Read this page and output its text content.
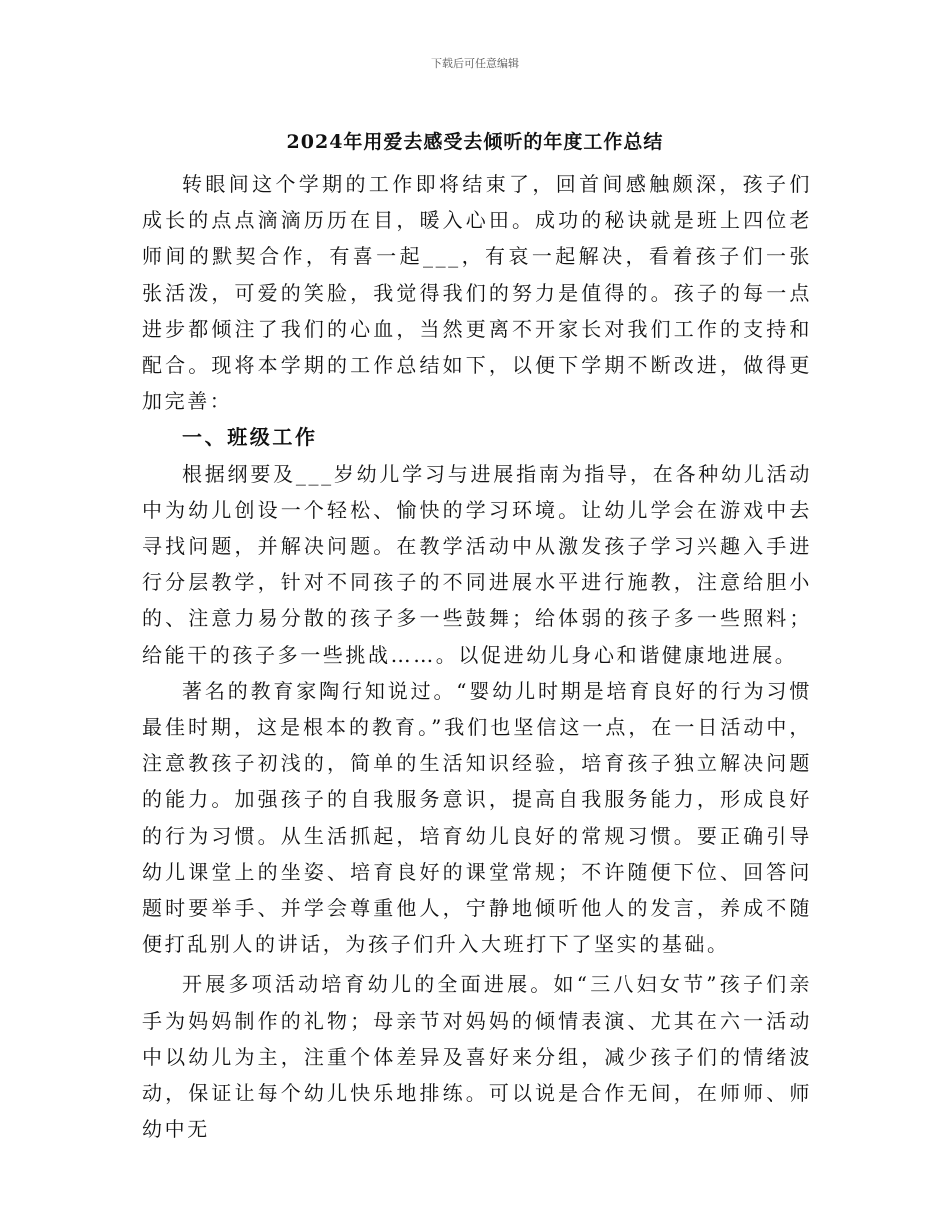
下载后可任意编辑
2024年用爱去感受去倾听的年度工作总结

转眼间这个学期的工作即将结束了，回首间感触颇深，孩子们成长的点点滴滴历历在目，暖入心田。成功的秘诀就是班上四位老师间的默契合作，有喜一起___，有哀一起解决，看着孩子们一张张活泼，可爱的笑脸，我觉得我们的努力是值得的。孩子的每一点进步都倾注了我们的心血，当然更离不开家长对我们工作的支持和配合。现将本学期的工作总结如下，以便下学期不断改进，做得更加完善：

一、班级工作

根据纲要及___岁幼儿学习与进展指南为指导，在各种幼儿活动中为幼儿创设一个轻松、愉快的学习环境。让幼儿学会在游戏中去寻找问题，并解决问题。在教学活动中从激发孩子学习兴趣入手进行分层教学，针对不同孩子的不同进展水平进行施教，注意给胆小的、注意力易分散的孩子多一些鼓舞；给体弱的孩子多一些照料；给能干的孩子多一些挑战……。以促进幼儿身心和谐健康地进展。

著名的教育家陶行知说过。“婴幼儿时期是培育良好的行为习惯最佳时期，这是根本的教育。”我们也坚信这一点，在一日活动中，注意教孩子初浅的，简单的生活知识经验，培育孩子独立解决问题的能力。加强孩子的自我服务意识，提高自我服务能力，形成良好的行为习惯。从生活抓起，培育幼儿良好的常规习惯。要正确引导幼儿课堂上的坐姿、培育良好的课堂常规；不许随便下位、回答问题时要举手、并学会尊重他人，宁静地倾听他人的发言，养成不随便打乱别人的讲话，为孩子们升入大班打下了坚实的基础。

开展多项活动培育幼儿的全面进展。如“三八妇女节”孩子们亲手为妈妈制作的礼物；母亲节对妈妈的倾情表演、尤其在六一活动中以幼儿为主，注重个体差异及喜好来分组，减少孩子们的情绪波动，保证让每个幼儿快乐地排练。可以说是合作无间，在师师、师幼中无
